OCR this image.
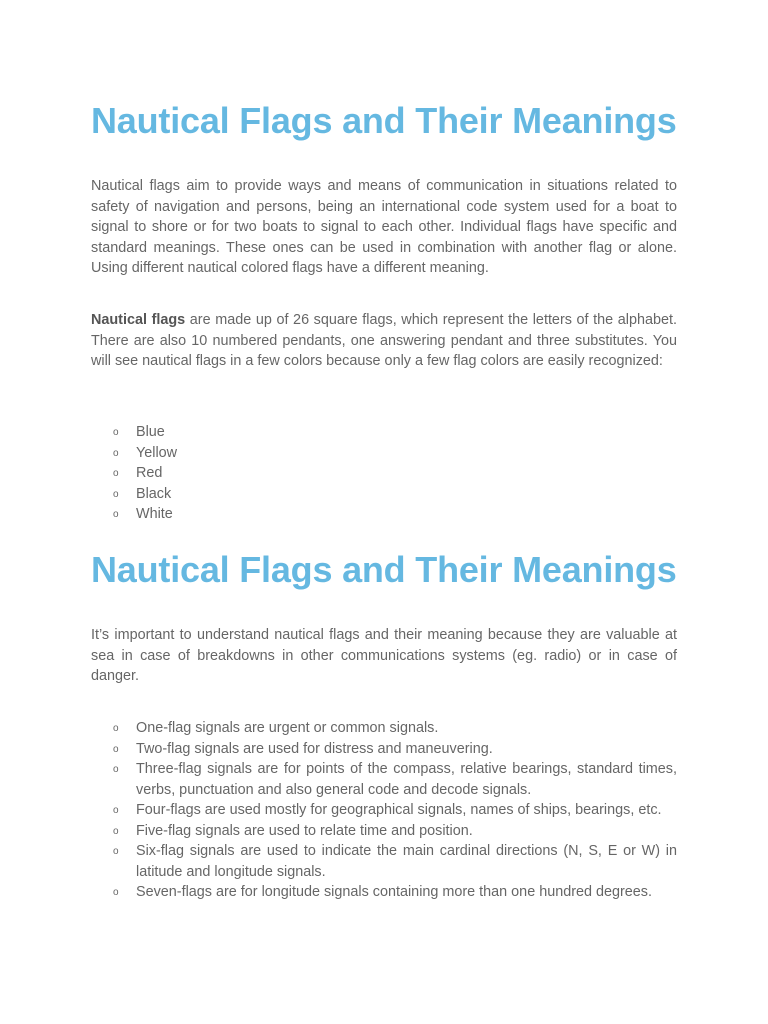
Nautical Flags and Their Meanings

Nautical flags aim to provide ways and means of communication in situations related to safety of navigation and persons, being an international code system used for a boat to signal to shore or for two boats to signal to each other. Individual flags have specific and standard meanings. These ones can be used in combination with another flag or alone. Using different nautical colored flags have a different meaning.

Nautical flags are made up of 26 square flags, which represent the letters of the alphabet. There are also 10 numbered pendants, one answering pendant and three substitutes. You will see nautical flags in a few colors because only a few flag colors are easily recognized:

o Blue
o Yellow
o Red
o Black
o White
Nautical Flags and Their Meanings

It’s important to understand nautical flags and their meaning because they are valuable at sea in case of breakdowns in other communications systems (eg. radio) or in case of danger.

o One-flag signals are urgent or common signals.
o Two-flag signals are used for distress and maneuvering.
o Three-flag signals are for points of the compass, relative bearings, standard times, verbs, punctuation and also general code and decode signals.
o Four-flags are used mostly for geographical signals, names of ships, bearings, etc.
o Five-flag signals are used to relate time and position.
o Six-flag signals are used to indicate the main cardinal directions (N, S, E or W) in latitude and longitude signals.
o Seven-flags are for longitude signals containing more than one hundred degrees.
